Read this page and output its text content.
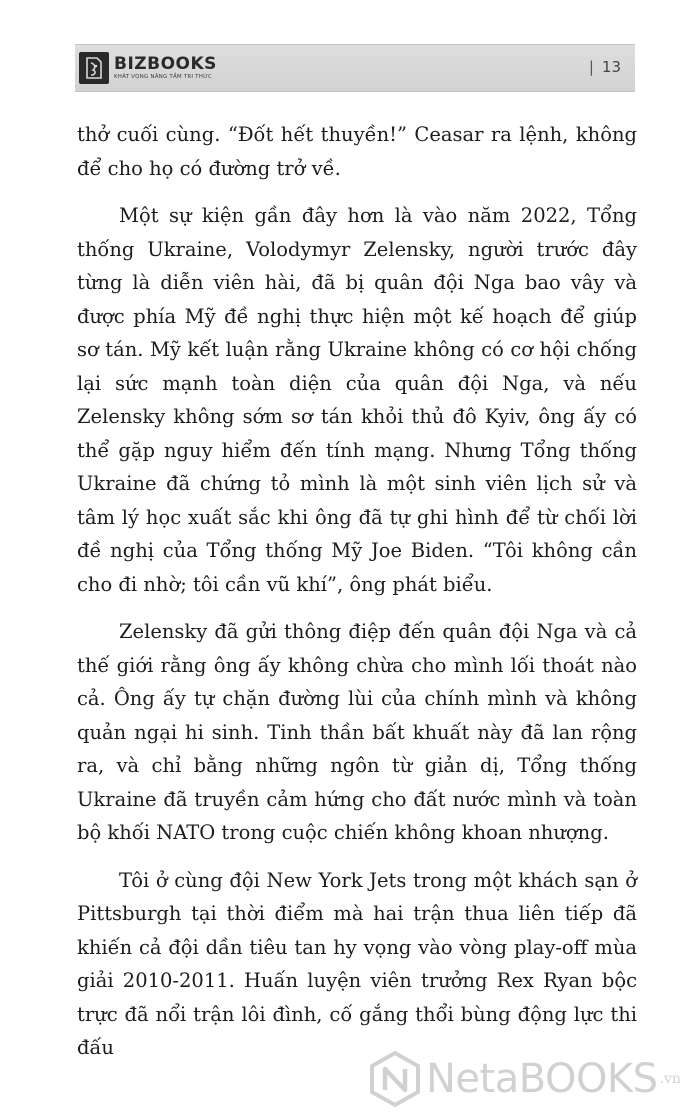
BIZBOOKS
KHÁT VỌNG NÂNG TẦM TRI THỨC
| 13

thở cuối cùng. “Đốt hết thuyền!” Ceasar ra lệnh, không để cho họ có đường trở về.

Một sự kiện gần đây hơn là vào năm 2022, Tổng thống Ukraine, Volodymyr Zelensky, người trước đây từng là diễn viên hài, đã bị quân đội Nga bao vây và được phía Mỹ đề nghị thực hiện một kế hoạch để giúp sơ tán. Mỹ kết luận rằng Ukraine không có cơ hội chống lại sức mạnh toàn diện của quân đội Nga, và nếu Zelensky không sớm sơ tán khỏi thủ đô Kyiv, ông ấy có thể gặp nguy hiểm đến tính mạng. Nhưng Tổng thống Ukraine đã chứng tỏ mình là một sinh viên lịch sử và tâm lý học xuất sắc khi ông đã tự ghi hình để từ chối lời đề nghị của Tổng thống Mỹ Joe Biden. “Tôi không cần cho đi nhờ; tôi cần vũ khí”, ông phát biểu.

Zelensky đã gửi thông điệp đến quân đội Nga và cả thế giới rằng ông ấy không chừa cho mình lối thoát nào cả. Ông ấy tự chặn đường lùi của chính mình và không quản ngại hi sinh. Tinh thần bất khuất này đã lan rộng ra, và chỉ bằng những ngôn từ giản dị, Tổng thống Ukraine đã truyền cảm hứng cho đất nước mình và toàn bộ khối NATO trong cuộc chiến không khoan nhượng.

Tôi ở cùng đội New York Jets trong một khách sạn ở Pittsburgh tại thời điểm mà hai trận thua liên tiếp đã khiến cả đội dần tiêu tan hy vọng vào vòng play-off mùa giải 2010-2011. Huấn luyện viên trưởng Rex Ryan bộc trực đã nổi trận lôi đình, cố gắng thổi bùng động lực thi đấu

NetaBOOKS .vn
